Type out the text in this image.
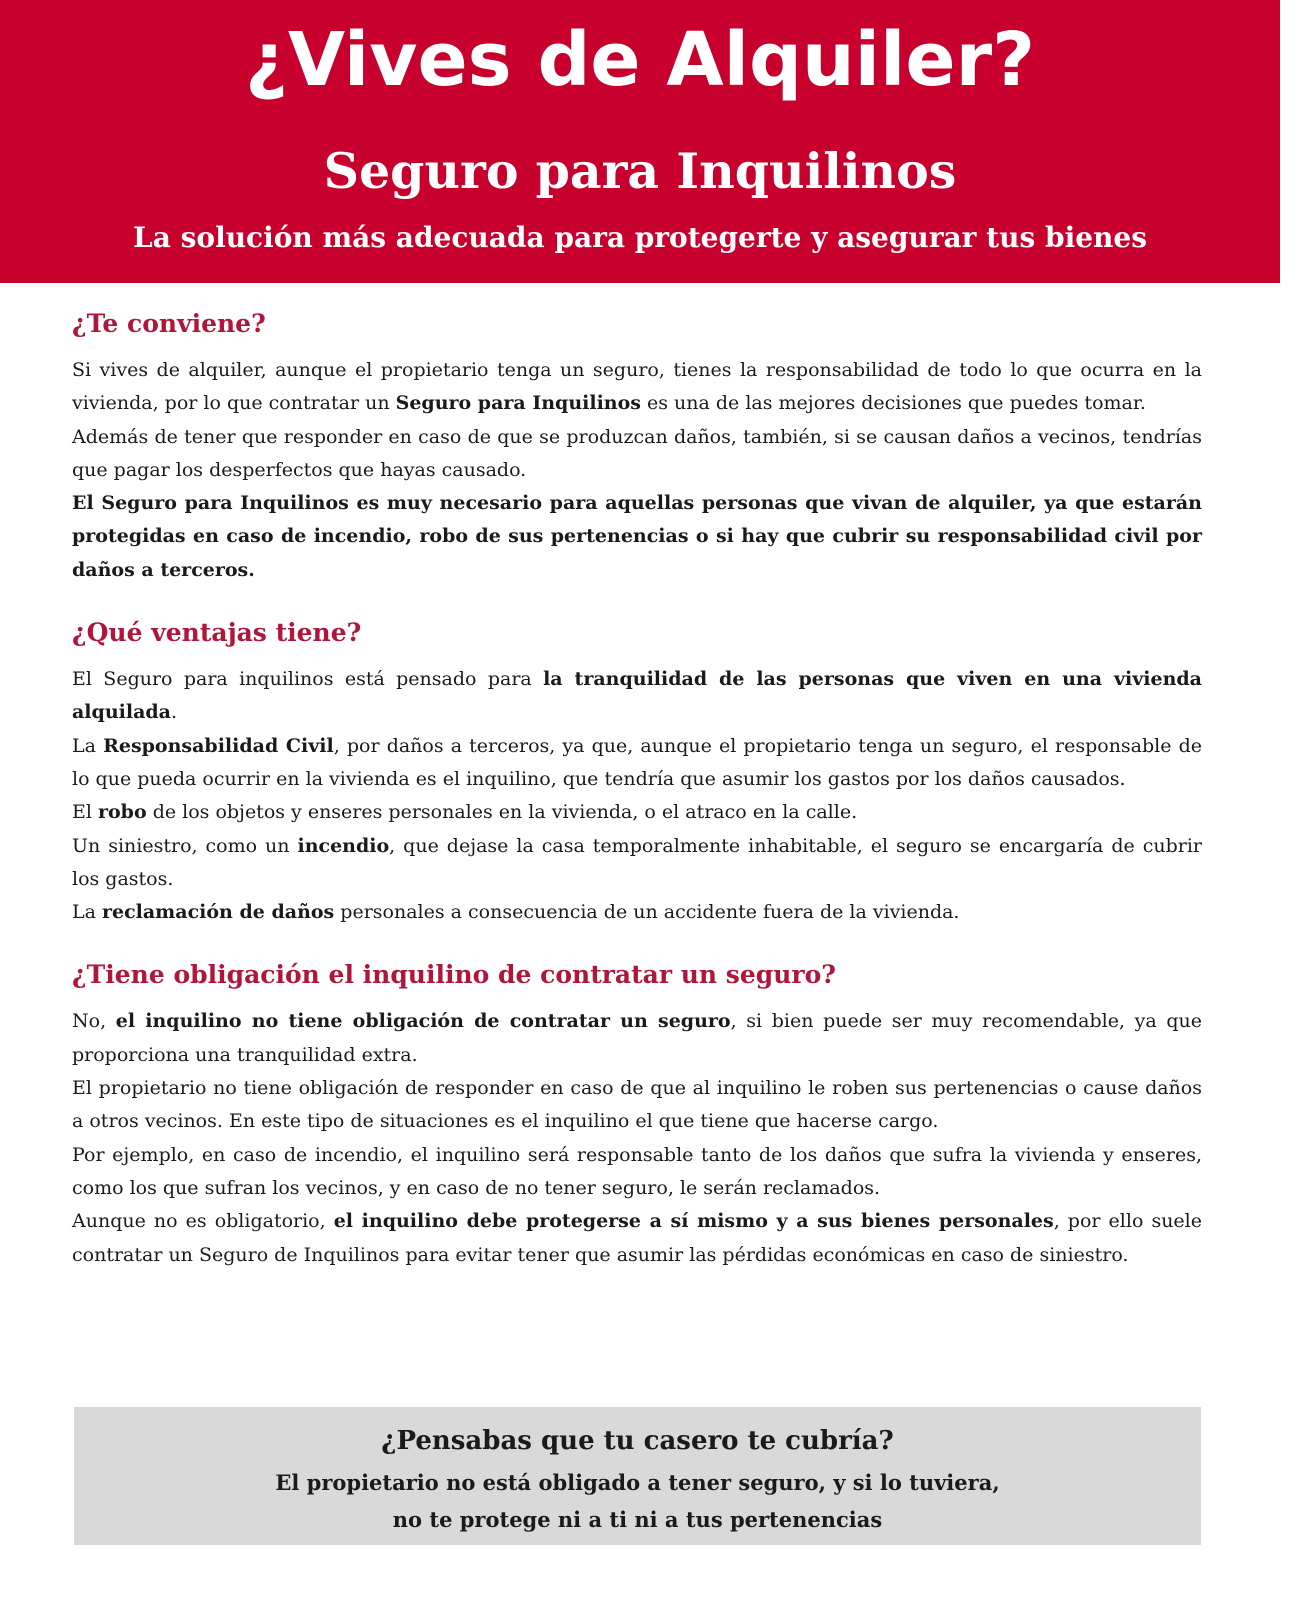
¿Vives de Alquiler?
Seguro para Inquilinos
La solución más adecuada para protegerte y asegurar tus bienes
¿Te conviene?

Si vives de alquiler, aunque el propietario tenga un seguro, tienes la responsabilidad de todo lo que ocurra en la vivienda, por lo que contratar un Seguro para Inquilinos es una de las mejores decisiones que puedes tomar.

Además de tener que responder en caso de que se produzcan daños, también, si se causan daños a vecinos, tendrías que pagar los desperfectos que hayas causado.

El Seguro para Inquilinos es muy necesario para aquellas personas que vivan de alquiler, ya que estarán protegidas en caso de incendio, robo de sus pertenencias o si hay que cubrir su responsabilidad civil por daños a terceros.

¿Qué ventajas tiene?

El Seguro para inquilinos está pensado para la tranquilidad de las personas que viven en una vivienda alquilada.

La Responsabilidad Civil, por daños a terceros, ya que, aunque el propietario tenga un seguro, el responsable de lo que pueda ocurrir en la vivienda es el inquilino, que tendría que asumir los gastos por los daños causados.

El robo de los objetos y enseres personales en la vivienda, o el atraco en la calle.

Un siniestro, como un incendio, que dejase la casa temporalmente inhabitable, el seguro se encargaría de cubrir los gastos.

La reclamación de daños personales a consecuencia de un accidente fuera de la vivienda.

¿Tiene obligación el inquilino de contratar un seguro?

No, el inquilino no tiene obligación de contratar un seguro, si bien puede ser muy recomendable, ya que proporciona una tranquilidad extra.

El propietario no tiene obligación de responder en caso de que al inquilino le roben sus pertenencias o cause daños a otros vecinos. En este tipo de situaciones es el inquilino el que tiene que hacerse cargo.

Por ejemplo, en caso de incendio, el inquilino será responsable tanto de los daños que sufra la vivienda y enseres, como los que sufran los vecinos, y en caso de no tener seguro, le serán reclamados.

Aunque no es obligatorio, el inquilino debe protegerse a sí mismo y a sus bienes personales, por ello suele contratar un Seguro de Inquilinos para evitar tener que asumir las pérdidas económicas en caso de siniestro.

¿Pensabas que tu casero te cubría?
El propietario no está obligado a tener seguro, y si lo tuviera,
no te protege ni a ti ni a tus pertenencias
